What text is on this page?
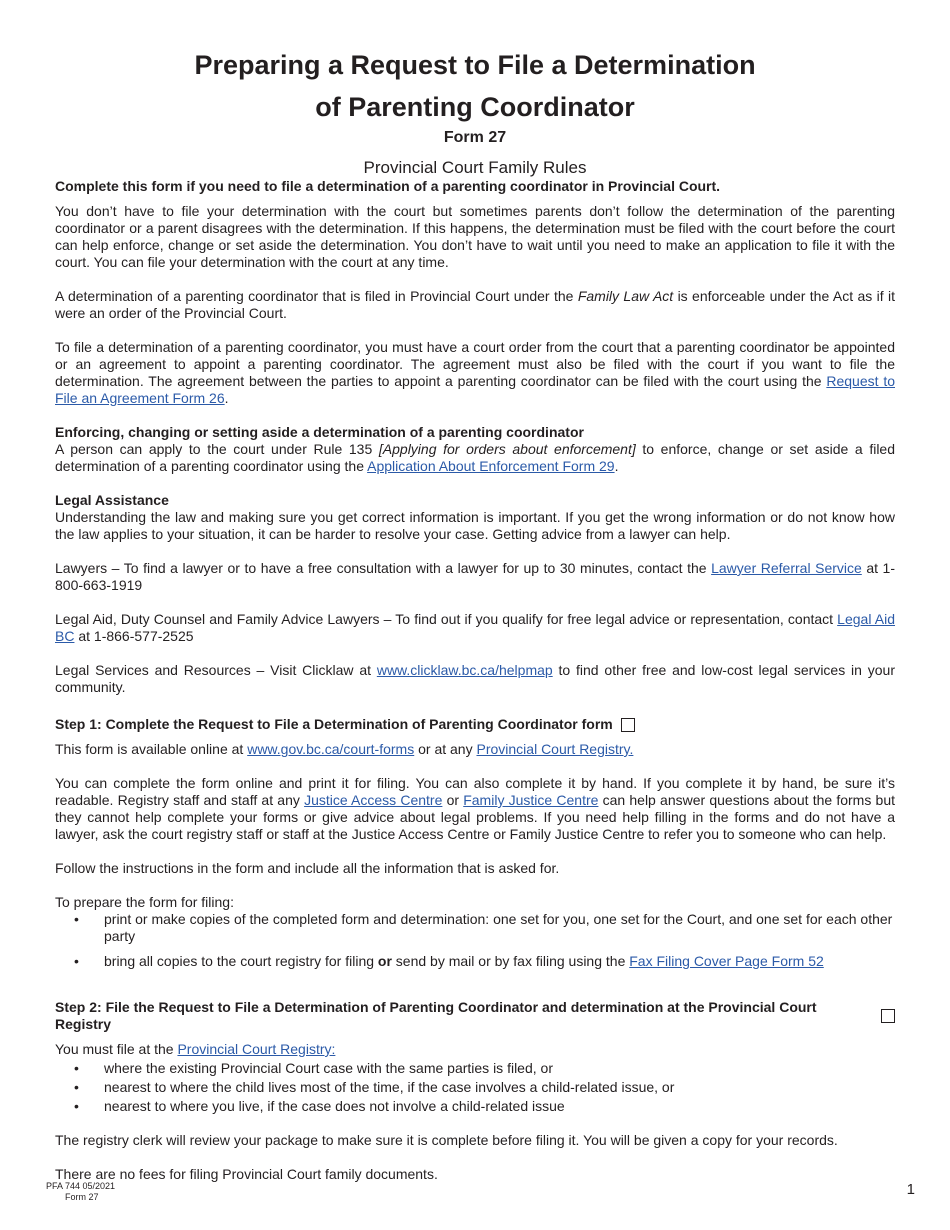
Preparing a Request to File a Determination
of Parenting Coordinator
Form 27
Provincial Court Family Rules

Complete this form if you need to file a determination of a parenting coordinator in Provincial Court.

You don’t have to file your determination with the court but sometimes parents don’t follow the determination of the parenting coordinator or a parent disagrees with the determination. If this happens, the determination must be filed with the court before the court can help enforce, change or set aside the determination. You don’t have to wait until you need to make an application to file it with the court. You can file your determination with the court at any time.

A determination of a parenting coordinator that is filed in Provincial Court under the Family Law Act is enforceable under the Act as if it were an order of the Provincial Court.

To file a determination of a parenting coordinator, you must have a court order from the court that a parenting coordinator be appointed or an agreement to appoint a parenting coordinator. The agreement must also be filed with the court if you want to file the determination. The agreement between the parties to appoint a parenting coordinator can be filed with the court using the Request to File an Agreement Form 26.

Enforcing, changing or setting aside a determination of a parenting coordinator

A person can apply to the court under Rule 135 [Applying for orders about enforcement] to enforce, change or set aside a filed determination of a parenting coordinator using the Application About Enforcement Form 29.

Legal Assistance

Understanding the law and making sure you get correct information is important. If you get the wrong information or do not know how the law applies to your situation, it can be harder to resolve your case. Getting advice from a lawyer can help.

Lawyers – To find a lawyer or to have a free consultation with a lawyer for up to 30 minutes, contact the Lawyer Referral Service at 1-800-663-1919

Legal Aid, Duty Counsel and Family Advice Lawyers – To find out if you qualify for free legal advice or representation, contact Legal Aid BC at 1-866-577-2525

Legal Services and Resources – Visit Clicklaw at www.clicklaw.bc.ca/helpmap to find other free and low-cost legal services in your community.

Step 1: Complete the Request to File a Determination of Parenting Coordinator form

This form is available online at www.gov.bc.ca/court-forms or at any Provincial Court Registry.

You can complete the form online and print it for filing. You can also complete it by hand. If you complete it by hand, be sure it’s readable. Registry staff and staff at any Justice Access Centre or Family Justice Centre can help answer questions about the forms but they cannot help complete your forms or give advice about legal problems. If you need help filling in the forms and do not have a lawyer, ask the court registry staff or staff at the Justice Access Centre or Family Justice Centre to refer you to someone who can help.

Follow the instructions in the form and include all the information that is asked for.

To prepare the form for filing:

• print or make copies of the completed form and determination: one set for you, one set for the Court, and one set for each other party
• bring all copies to the court registry for filing or send by mail or by fax filing using the Fax Filing Cover Page Form 52
Step 2: File the Request to File a Determination of Parenting Coordinator and determination at the Provincial Court Registry

You must file at the Provincial Court Registry:

• where the existing Provincial Court case with the same parties is filed, or
• nearest to where the child lives most of the time, if the case involves a child-related issue, or
• nearest to where you live, if the case does not involve a child-related issue

The registry clerk will review your package to make sure it is complete before filing it. You will be given a copy for your records.

There are no fees for filing Provincial Court family documents.

PFA 744 05/2021
Form 27	1
